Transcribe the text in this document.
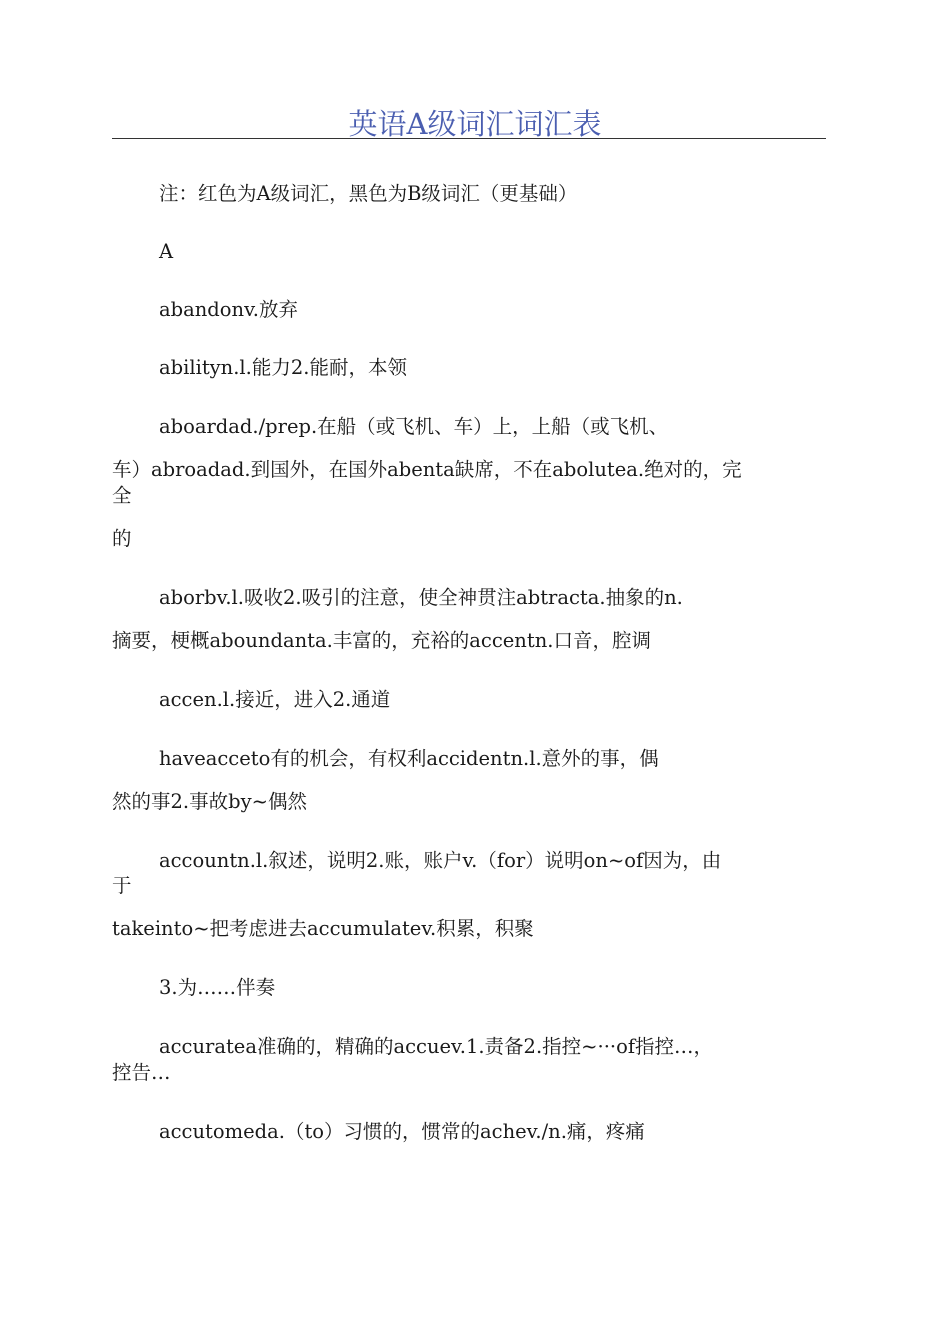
英语A级词汇词汇表

注：红色为A级词汇，黑色为B级词汇（更基础）

A

abandonv.放弃

abilityn.l.能力2.能耐，本领

aboardad./prep.在船（或飞机、车）上，上船（或飞机、

车）abroadad.到国外，在国外abenta缺席，不在abolutea.绝对的，完

全

的

aborbv.l.吸收2.吸引的注意，使全神贯注abtracta.抽象的n.

摘要，梗概aboundanta.丰富的，充裕的accentn.口音，腔调

accen.l.接近，进入2.通道

haveacceto有的机会，有权利accidentn.l.意外的事，偶

然的事2.事故by~偶然

accountn.l.叙述，说明2.账，账户v.（for）说明on~of因为，由

于

takeinto~把考虑进去accumulatev.积累，积聚

3.为……伴奏

accuratea准确的，精确的accuev.1.责备2.指控~···of指控…，

控告…

accutomeda.（to）习惯的，惯常的achev./n.痛，疼痛
